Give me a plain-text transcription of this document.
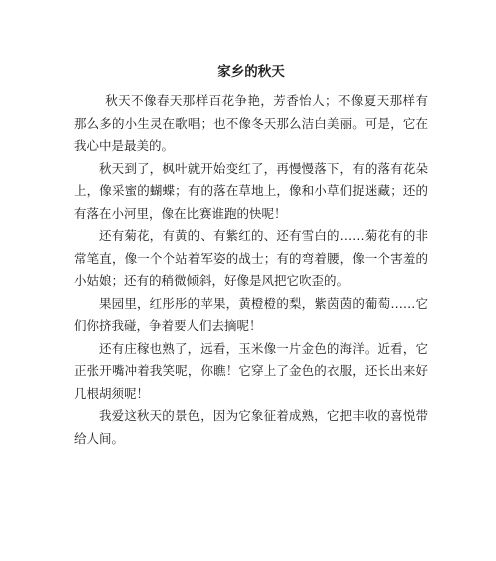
家乡的秋天

秋天不像春天那样百花争艳，芳香怡人；不像夏天那样有那么多的小生灵在歌唱；也不像冬天那么洁白美丽。可是，它在我心中是最美的。

秋天到了，枫叶就开始变红了，再慢慢落下，有的落有花朵上，像采蜜的蝴蝶；有的落在草地上，像和小草们捉迷藏；还的有落在小河里，像在比赛谁跑的快呢！

还有菊花，有黄的、有紫红的、还有雪白的……菊花有的非常笔直，像一个个站着军姿的战士；有的弯着腰，像一个害羞的小姑娘；还有的稍微倾斜，好像是风把它吹歪的。

果园里，红彤彤的苹果，黄橙橙的梨，紫茵茵的葡萄……它们你挤我碰，争着要人们去摘呢！

还有庄稼也熟了，远看，玉米像一片金色的海洋。近看，它正张开嘴冲着我笑呢，你瞧！它穿上了金色的衣服，还长出来好几根胡须呢！

我爱这秋天的景色，因为它象征着成熟，它把丰收的喜悦带给人间。
